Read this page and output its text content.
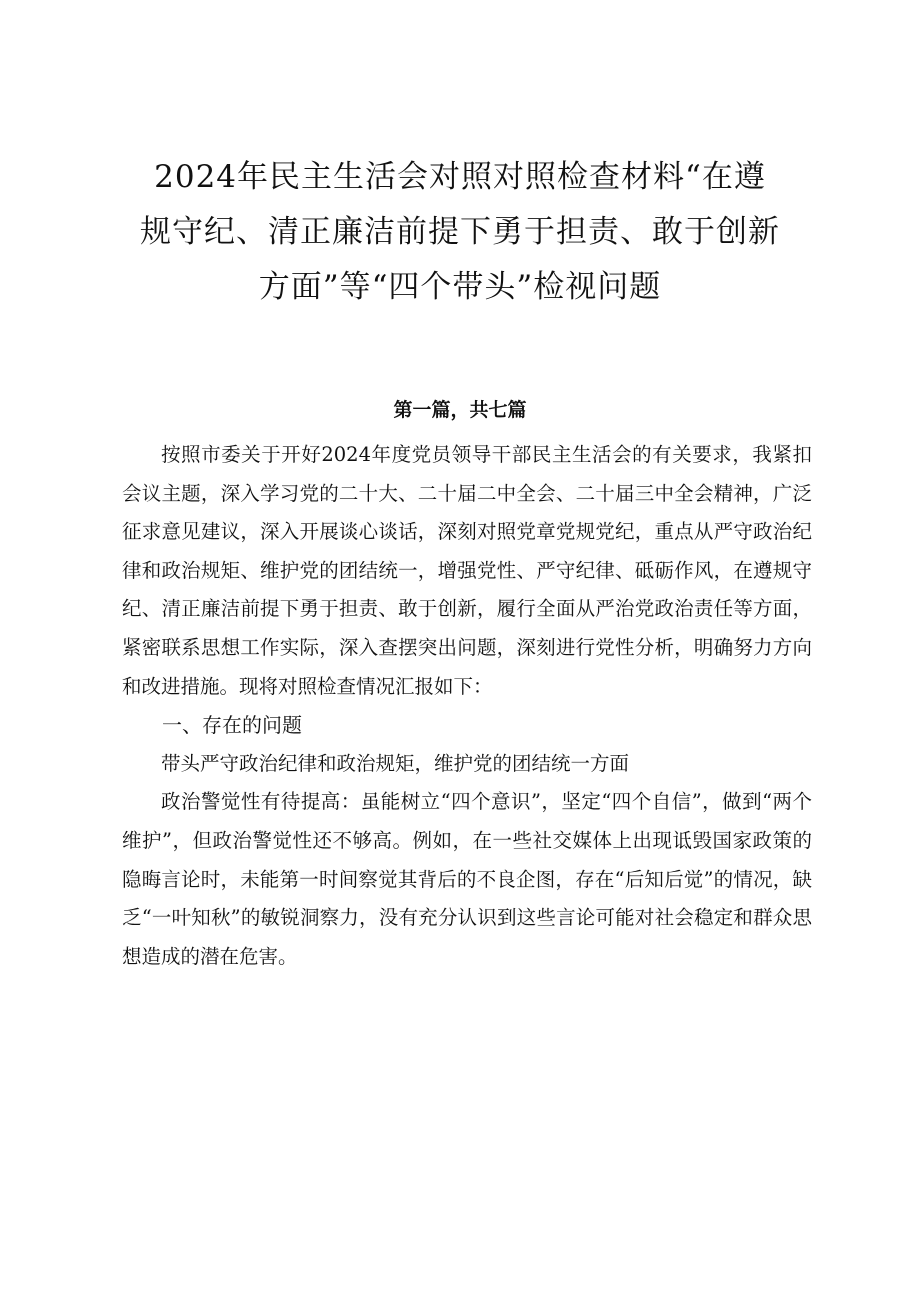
2024年民主生活会对照对照检查材料“在遵
规守纪、清正廉洁前提下勇于担责、敢于创新
方面”等“四个带头”检视问题
第一篇，共七篇

按照市委关于开好2024年度党员领导干部民主生活会的有关要求，我紧扣会议主题，深入学习党的二十大、二十届二中全会、二十届三中全会精神，广泛征求意见建议，深入开展谈心谈话，深刻对照党章党规党纪，重点从严守政治纪律和政治规矩、维护党的团结统一，增强党性、严守纪律、砥砺作风，在遵规守纪、清正廉洁前提下勇于担责、敢于创新，履行全面从严治党政治责任等方面，紧密联系思想工作实际，深入查摆突出问题，深刻进行党性分析，明确努力方向和改进措施。现将对照检查情况汇报如下：

一、存在的问题

带头严守政治纪律和政治规矩，维护党的团结统一方面

政治警觉性有待提高：虽能树立“四个意识”，坚定“四个自信”，做到“两个维护”，但政治警觉性还不够高。例如，在一些社交媒体上出现诋毁国家政策的隐晦言论时，未能第一时间察觉其背后的不良企图，存在“后知后觉”的情况，缺乏“一叶知秋”的敏锐洞察力，没有充分认识到这些言论可能对社会稳定和群众思想造成的潜在危害。
